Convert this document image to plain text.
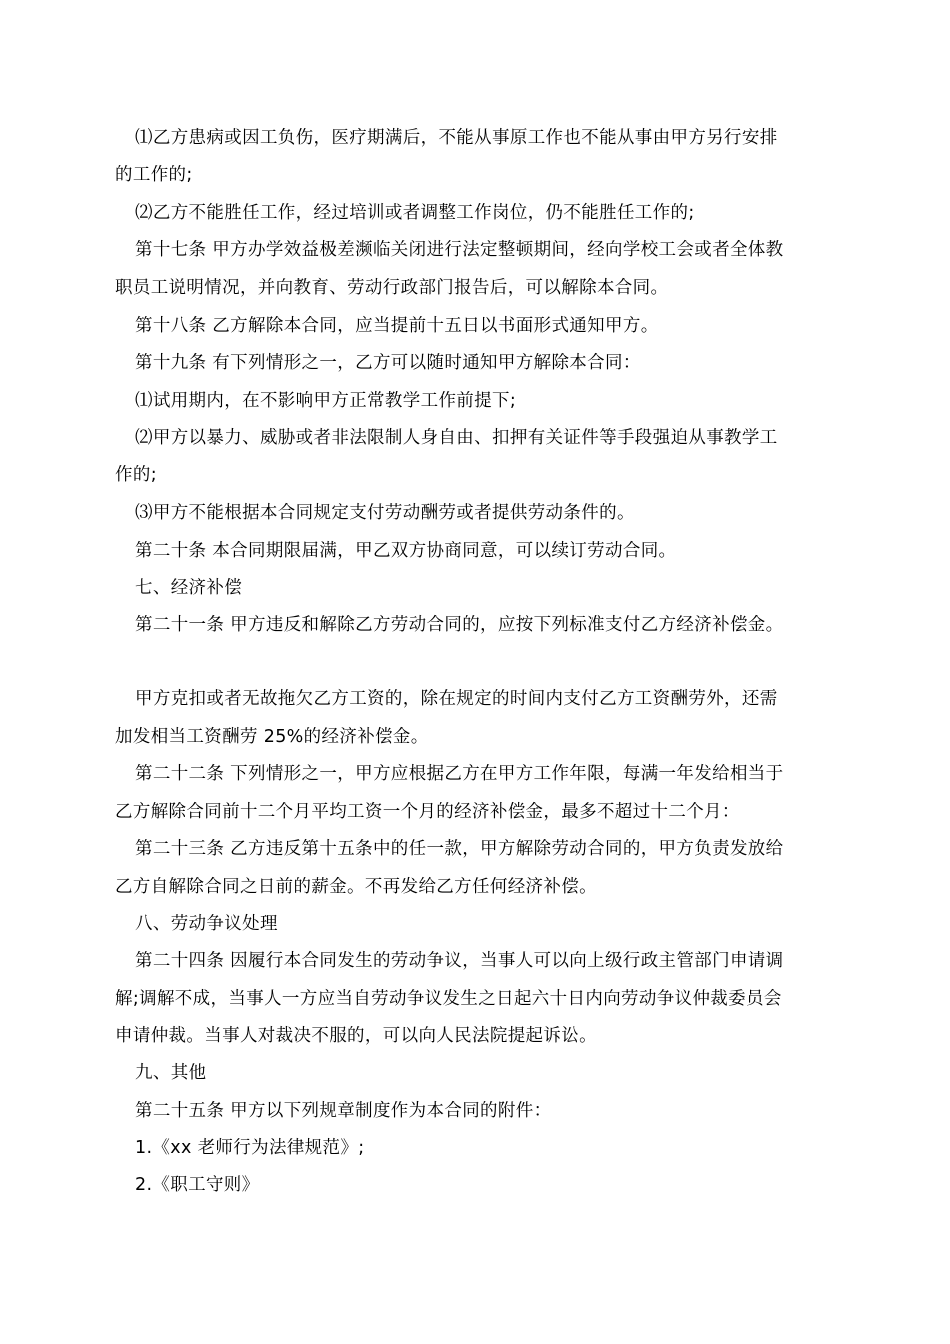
⑴乙方患病或因工负伤，医疗期满后，不能从事原工作也不能从事由甲方另行安排
的工作的;
⑵乙方不能胜任工作，经过培训或者调整工作岗位，仍不能胜任工作的;
第十七条 甲方办学效益极差濒临关闭进行法定整顿期间，经向学校工会或者全体教
职员工说明情况，并向教育、劳动行政部门报告后，可以解除本合同。
第十八条 乙方解除本合同，应当提前十五日以书面形式通知甲方。
第十九条 有下列情形之一，乙方可以随时通知甲方解除本合同：
⑴试用期内，在不影响甲方正常教学工作前提下;
⑵甲方以暴力、威胁或者非法限制人身自由、扣押有关证件等手段强迫从事教学工
作的;
⑶甲方不能根据本合同规定支付劳动酬劳或者提供劳动条件的。
第二十条 本合同期限届满，甲乙双方协商同意，可以续订劳动合同。
七、经济补偿
第二十一条 甲方违反和解除乙方劳动合同的，应按下列标准支付乙方经济补偿金。
甲方克扣或者无故拖欠乙方工资的，除在规定的时间内支付乙方工资酬劳外，还需
加发相当工资酬劳 25%的经济补偿金。
第二十二条 下列情形之一，甲方应根据乙方在甲方工作年限，每满一年发给相当于
乙方解除合同前十二个月平均工资一个月的经济补偿金，最多不超过十二个月：
第二十三条 乙方违反第十五条中的任一款，甲方解除劳动合同的，甲方负责发放给
乙方自解除合同之日前的薪金。不再发给乙方任何经济补偿。
八、劳动争议处理
第二十四条 因履行本合同发生的劳动争议，当事人可以向上级行政主管部门申请调
解;调解不成，当事人一方应当自劳动争议发生之日起六十日内向劳动争议仲裁委员会
申请仲裁。当事人对裁决不服的，可以向人民法院提起诉讼。
九、其他
第二十五条 甲方以下列规章制度作为本合同的附件：
1.《xx 老师行为法律规范》;
2.《职工守则》
